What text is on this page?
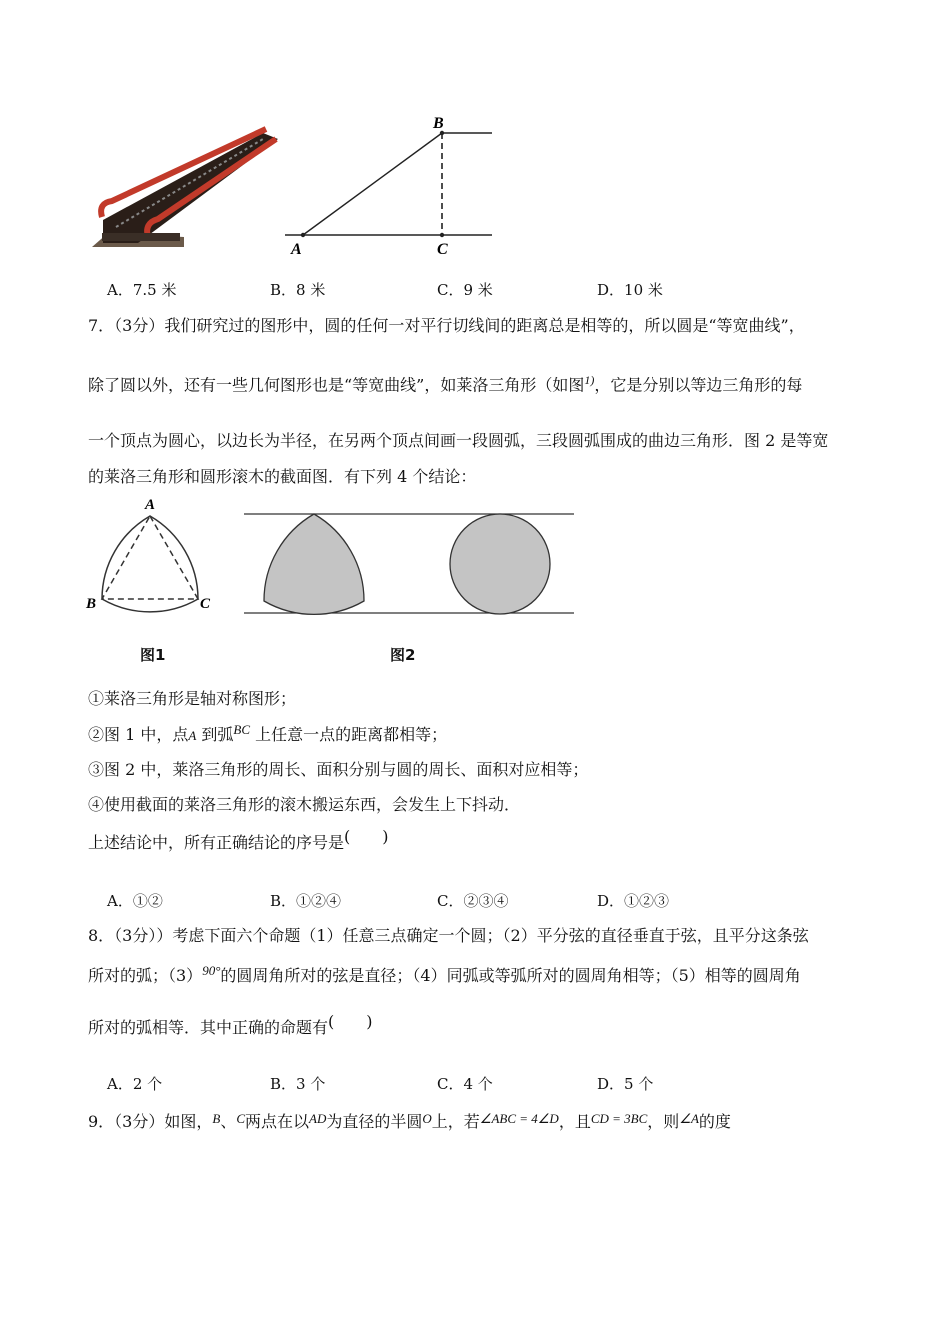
B
A	C
A．7.5 米	B．8 米	C．9 米	D．10 米
7．（3分）我们研究过的图形中，圆的任何一对平行切线间的距离总是相等的，所以圆是“等宽曲线”，
除了圆以外，还有一些几何图形也是“等宽曲线”，如莱洛三角形（如图$^{1)}$，它是分别以等边三角形的每
一个顶点为圆心，以边长为半径，在另两个顶点间画一段圆弧，三段圆弧围成的曲边三角形．图 2 是等宽
的莱洛三角形和圆形滚木的截面图．有下列 4 个结论：
A
B	C
图1	图2
①莱洛三角形是轴对称图形；
②图 1 中，点A 到弧$^{BC}$ 上任意一点的距离都相等；
③图 2 中，莱洛三角形的周长、面积分别与圆的周长、面积对应相等；
④使用截面的莱洛三角形的滚木搬运东西，会发生上下抖动．
上述结论中，所有正确结论的序号是(　　)
A．①②	B．①②④	C．②③④	D．①②③
8．（3分））考虑下面六个命题（1）任意三点确定一个圆；（2）平分弦的直径垂直于弦，且平分这条弦
所对的弧；$(3)^{90^\circ}$的圆周角所对的弦是直径；（4）同弧或等弧所对的圆周角相等；（5）相等的圆周角
所对的弧相等．其中正确的命题有(　　)
A．2 个	B．3 个	C．4 个	D．5 个
9．（3分）如图，$^B$、$^C$两点在以$^{AD}$为直径的半圆$^O$上，若$^{\angle ABC = 4\angle D}$，且$^{CD = 3BC}$，则$^{\angle A}$的度
